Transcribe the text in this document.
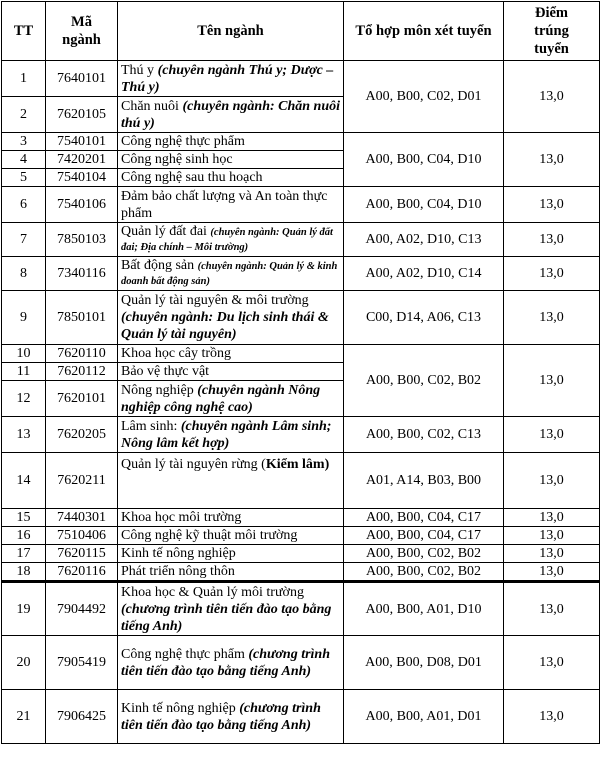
TT	Mã
ngành	Tên ngành	Tổ hợp môn xét tuyển	Điểm
trúng
tuyển
1	7640101	Thú y (chuyên ngành Thú y; Dược – Thú y)	A00, B00, C02, D01	13,0
2	7620105	Chăn nuôi (chuyên ngành: Chăn nuôi thú y)		
3	7540101	Công nghệ thực phẩm	A00, B00, C04, D10	13,0
4	7420201	Công nghệ sinh học		
5	7540104	Công nghệ sau thu hoạch		
6	7540106	Đảm bảo chất lượng và An toàn thực phẩm	A00, B00, C04, D10	13,0
7	7850103	Quản lý đất đai (chuyên ngành: Quản lý đất đai; Địa chính – Môi trường)	A00, A02, D10, C13	13,0
8	7340116	Bất động sản (chuyên ngành: Quản lý & kinh doanh bất động sản)	A00, A02, D10, C14	13,0
9	7850101	Quản lý tài nguyên & môi trường (chuyên ngành: Du lịch sinh thái & Quản lý tài nguyên)	C00, D14, A06, C13	13,0
10	7620110	Khoa học cây trồng	A00, B00, C02, B02	13,0
11	7620112	Bảo vệ thực vật		
12	7620101	Nông nghiệp (chuyên ngành Nông nghiệp công nghệ cao)		
13	7620205	Lâm sinh: (chuyên ngành Lâm sinh; Nông lâm kết hợp)	A00, B00, C02, C13	13,0
14	7620211	Quản lý tài nguyên rừng (Kiểm lâm)	A01, A14, B03, B00	13,0
15	7440301	Khoa học môi trường	A00, B00, C04, C17	13,0
16	7510406	Công nghệ kỹ thuật môi trường	A00, B00, C04, C17	13,0
17	7620115	Kinh tế nông nghiệp	A00, B00, C02, B02	13,0
18	7620116	Phát triển nông thôn	A00, B00, C02, B02	13,0
19	7904492	Khoa học & Quản lý môi trường (chương trình tiên tiến đào tạo bằng tiếng Anh)	A00, B00, A01, D10	13,0
20	7905419	Công nghệ thực phẩm (chương trình tiên tiến đào tạo bằng tiếng Anh)	A00, B00, D08, D01	13,0
21	7906425	Kinh tế nông nghiệp (chương trình tiên tiến đào tạo bằng tiếng Anh)	A00, B00, A01, D01	13,0
